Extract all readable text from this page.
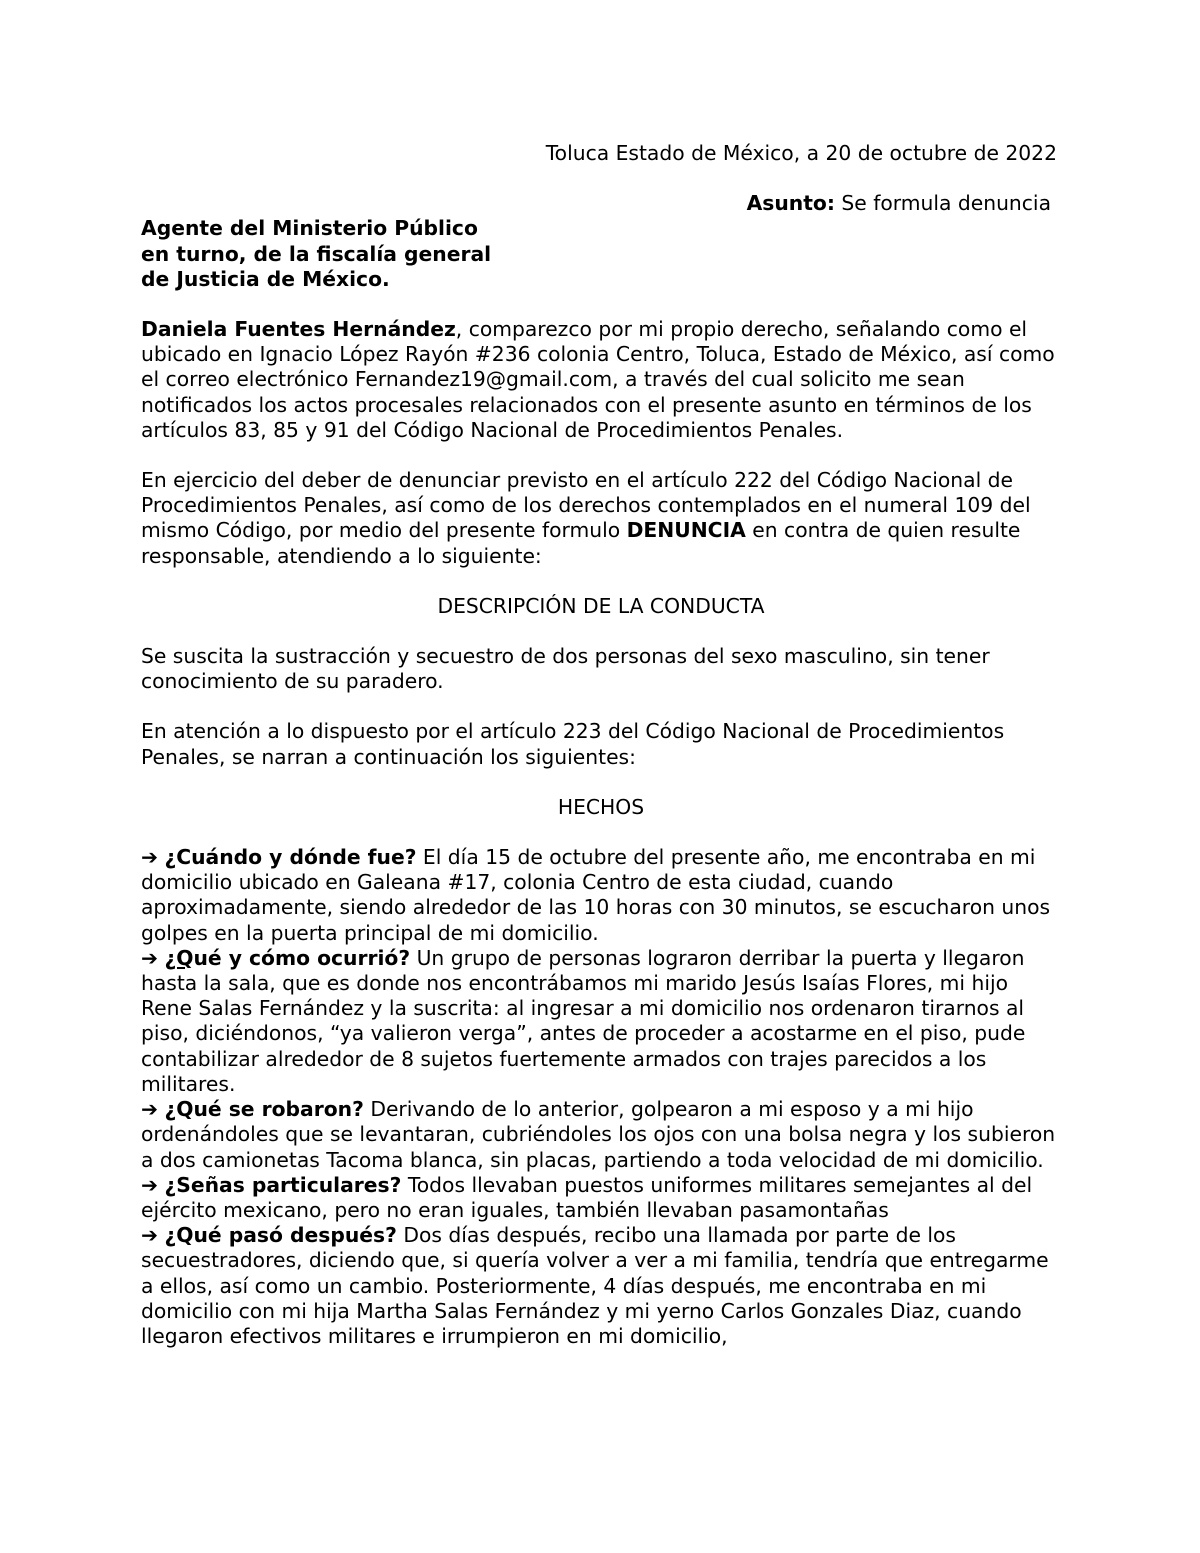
Toluca Estado de México, a 20 de octubre de 2022

Asunto: Se formula denuncia

Agente del Ministerio Público

en turno, de la fiscalía general

de Justicia de México.

Daniela Fuentes Hernández, comparezco por mi propio derecho, señalando como el ubicado en Ignacio López Rayón #236 colonia Centro, Toluca, Estado de México, así como el correo electrónico Fernandez19@gmail.com, a través del cual solicito me sean notificados los actos procesales relacionados con el presente asunto en términos de los artículos 83, 85 y 91 del Código Nacional de Procedimientos Penales.

En ejercicio del deber de denunciar previsto en el artículo 222 del Código Nacional de Procedimientos Penales, así como de los derechos contemplados en el numeral 109 del mismo Código, por medio del presente formulo DENUNCIA en contra de quien resulte responsable, atendiendo a lo siguiente:

DESCRIPCIÓN DE LA CONDUCTA

Se suscita la sustracción y secuestro de dos personas del sexo masculino, sin tener conocimiento de su paradero.

En atención a lo dispuesto por el artículo 223 del Código Nacional de Procedimientos Penales, se narran a continuación los siguientes:

HECHOS

➔ ¿Cuándo y dónde fue? El día 15 de octubre del presente año, me encontraba en mi domicilio ubicado en Galeana #17, colonia Centro de esta ciudad, cuando aproximadamente, siendo alrededor de las 10 horas con 30 minutos, se escucharon unos golpes en la puerta principal de mi domicilio.

➔ ¿Qué y cómo ocurrió? Un grupo de personas lograron derribar la puerta y llegaron hasta la sala, que es donde nos encontrábamos mi marido Jesús Isaías Flores, mi hijo Rene Salas Fernández y la suscrita: al ingresar a mi domicilio nos ordenaron tirarnos al piso, diciéndonos, “ya valieron verga”, antes de proceder a acostarme en el piso, pude contabilizar alrededor de 8 sujetos fuertemente armados con trajes parecidos a los militares.

➔ ¿Qué se robaron? Derivando de lo anterior, golpearon a mi esposo y a mi hijo ordenándoles que se levantaran, cubriéndoles los ojos con una bolsa negra y los subieron a dos camionetas Tacoma blanca, sin placas, partiendo a toda velocidad de mi domicilio.

➔ ¿Señas particulares? Todos llevaban puestos uniformes militares semejantes al del ejército mexicano, pero no eran iguales, también llevaban pasamontañas

➔ ¿Qué pasó después? Dos días después, recibo una llamada por parte de los secuestradores, diciendo que, si quería volver a ver a mi familia, tendría que entregarme a ellos, así como un cambio. Posteriormente, 4 días después, me encontraba en mi domicilio con mi hija Martha Salas Fernández y mi yerno Carlos Gonzales Diaz, cuando llegaron efectivos militares e irrumpieron en mi domicilio,
